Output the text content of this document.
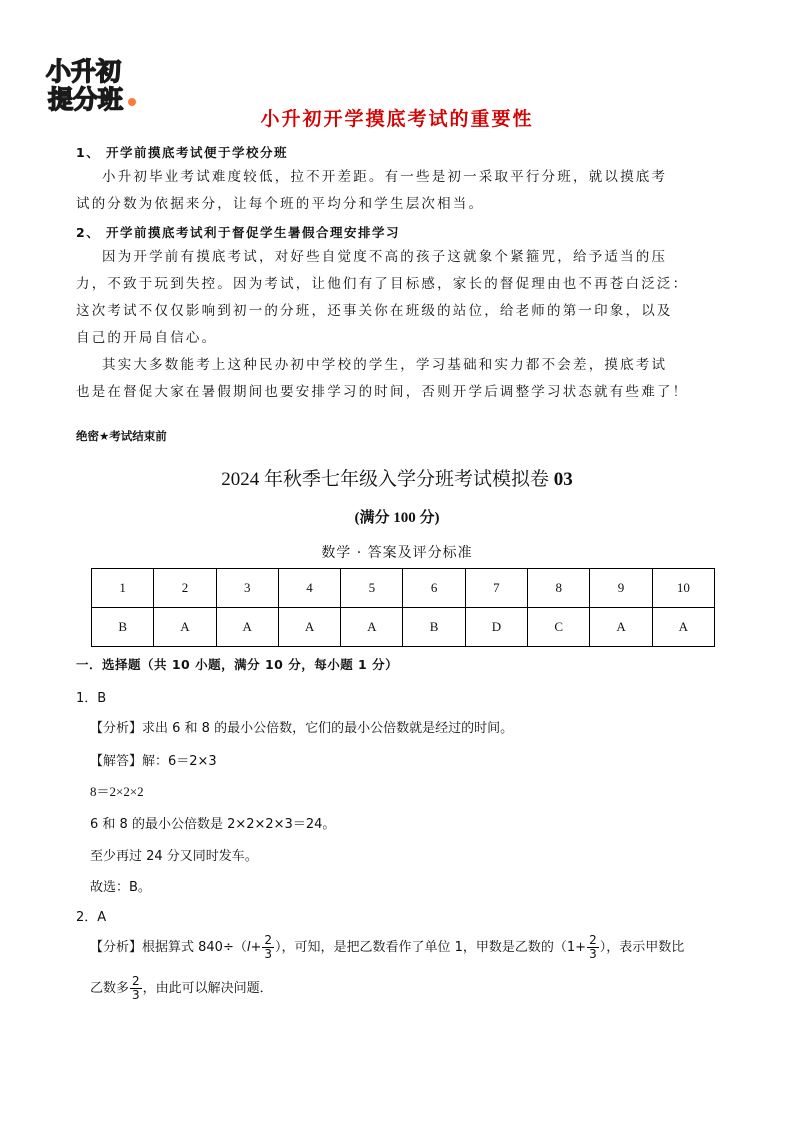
小升初
提分班
小升初开学摸底考试的重要性
1、 开学前摸底考试便于学校分班
小升初毕业考试难度较低，拉不开差距。有一些是初一采取平行分班，就以摸底考
试的分数为依据来分，让每个班的平均分和学生层次相当。
2、 开学前摸底考试利于督促学生暑假合理安排学习
因为开学前有摸底考试，对好些自觉度不高的孩子这就象个紧箍咒，给予适当的压
力，不致于玩到失控。因为考试，让他们有了目标感，家长的督促理由也不再苍白泛泛：
这次考试不仅仅影响到初一的分班，还事关你在班级的站位，给老师的第一印象，以及
自己的开局自信心。
其实大多数能考上这种民办初中学校的学生，学习基础和实力都不会差，摸底考试
也是在督促大家在暑假期间也要安排学习的时间，否则开学后调整学习状态就有些难了！
绝密★考试结束前
2024 年秋季七年级入学分班考试模拟卷 03
(满分 100 分)
数学 · 答案及评分标准
1	2	3	4	5	6	7	8	9	10
B	A	A	A	A	B	D	C	A	A
一．选择题（共 10 小题，满分 10 分，每小题 1 分）
1．B
【分析】求出 6 和 8 的最小公倍数，它们的最小公倍数就是经过的时间。
【解答】解：6＝2×3
8＝2×2×2
6 和 8 的最小公倍数是 2×2×2×3＝24。
至少再过 24 分又同时发车。
故选：B。
2．A
【分析】根据算式 $840\div(l+ \frac{2}{3}$ ），可知，是把乙数看作了单位 1，甲数是乙数的（$1+ \frac{2}{3}$ ），表示甲数比
乙数多 $\frac{2}{3}$ ，由此可以解决问题．
